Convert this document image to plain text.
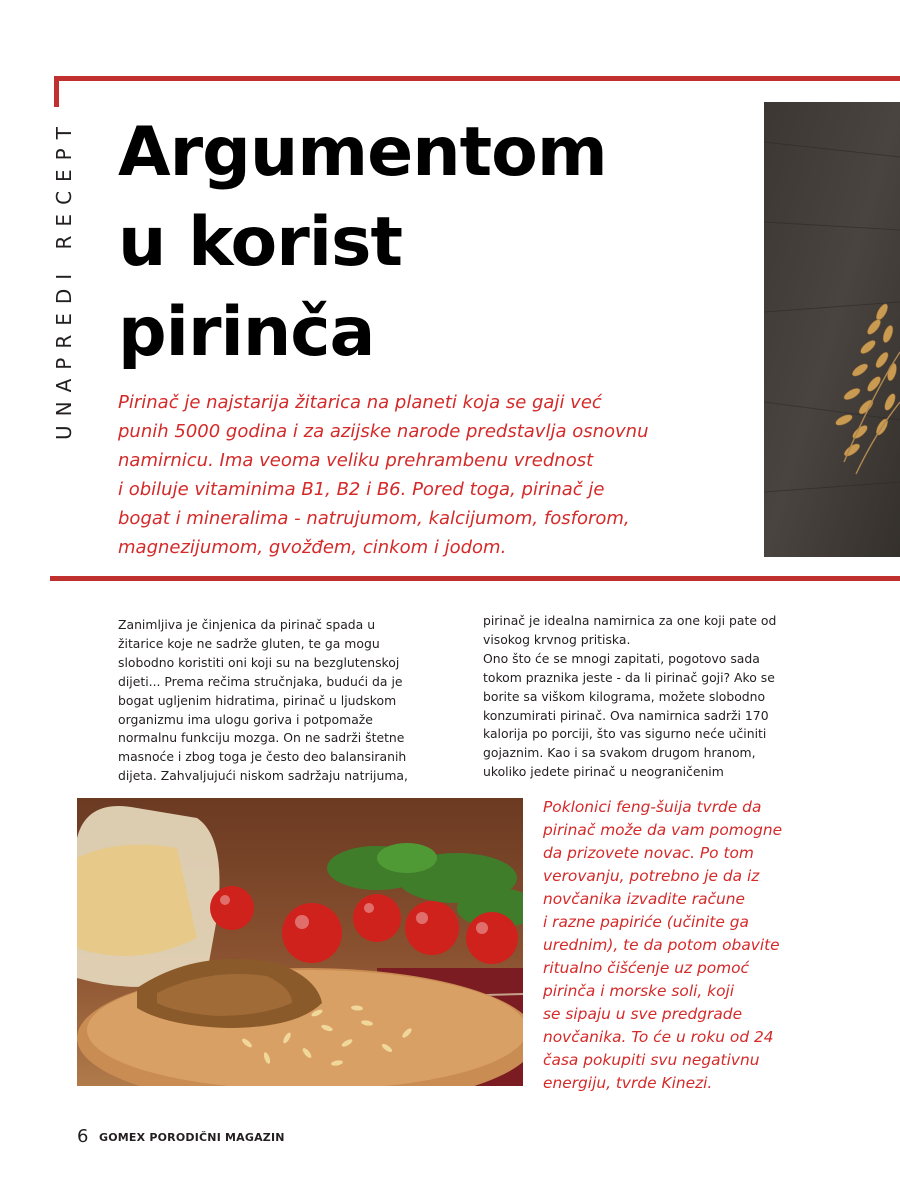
UNAPREDI RECEPT Argumentom
u korist
pirinča

Pirinač je najstarija žitarica na planeti koja se gaji već
punih 5000 godina i za azijske narode predstavlja osnovnu
namirnicu. Ima veoma veliku prehrambenu vrednost
i obiluje vitaminima B1, B2 i B6. Pored toga, pirinač je
bogat i mineralima - natrujumom, kalcijumom, fosforom,
magnezijumom, gvožđem, cinkom i jodom.

Zanimljiva je činjenica da pirinač spada u

žitarice koje ne sadrže gluten, te ga mogu

slobodno koristiti oni koji su na bezglutenskoj

dijeti... Prema rečima stručnjaka, budući da je

bogat ugljenim hidratima, pirinač u ljudskom

organizmu ima ulogu goriva i potpomaže

normalnu funkciju mozga. On ne sadrži štetne

masnoće i zbog toga je često deo balansiranih

dijeta. Zahvaljujući niskom sadržaju natrijuma,

pirinač je idealna namirnica za one koji pate od

visokog krvnog pritiska.

Ono što će se mnogi zapitati, pogotovo sada

tokom praznika jeste - da li pirinač goji? Ako se

borite sa viškom kilograma, možete slobodno

konzumirati pirinač. Ova namirnica sadrži 170

kalorija po porciji, što vas sigurno neće učiniti

gojaznim. Kao i sa svakom drugom hranom,

ukoliko jedete pirinač u neograničenim

Poklonici feng-šuija tvrde da
pirinač može da vam pomogne
da prizovete novac. Po tom
verovanju, potrebno je da iz
novčanika izvadite račune
i razne papiriće (učinite ga
urednim), te da potom obavite
ritualno čišćenje uz pomoć
pirinča i morske soli, koji
se sipaju u sve predgrade
novčanika. To će u roku od 24
časa pokupiti svu negativnu
energiju, tvrde Kinezi.

6 GOMEX PORODIČNI MAGAZIN
